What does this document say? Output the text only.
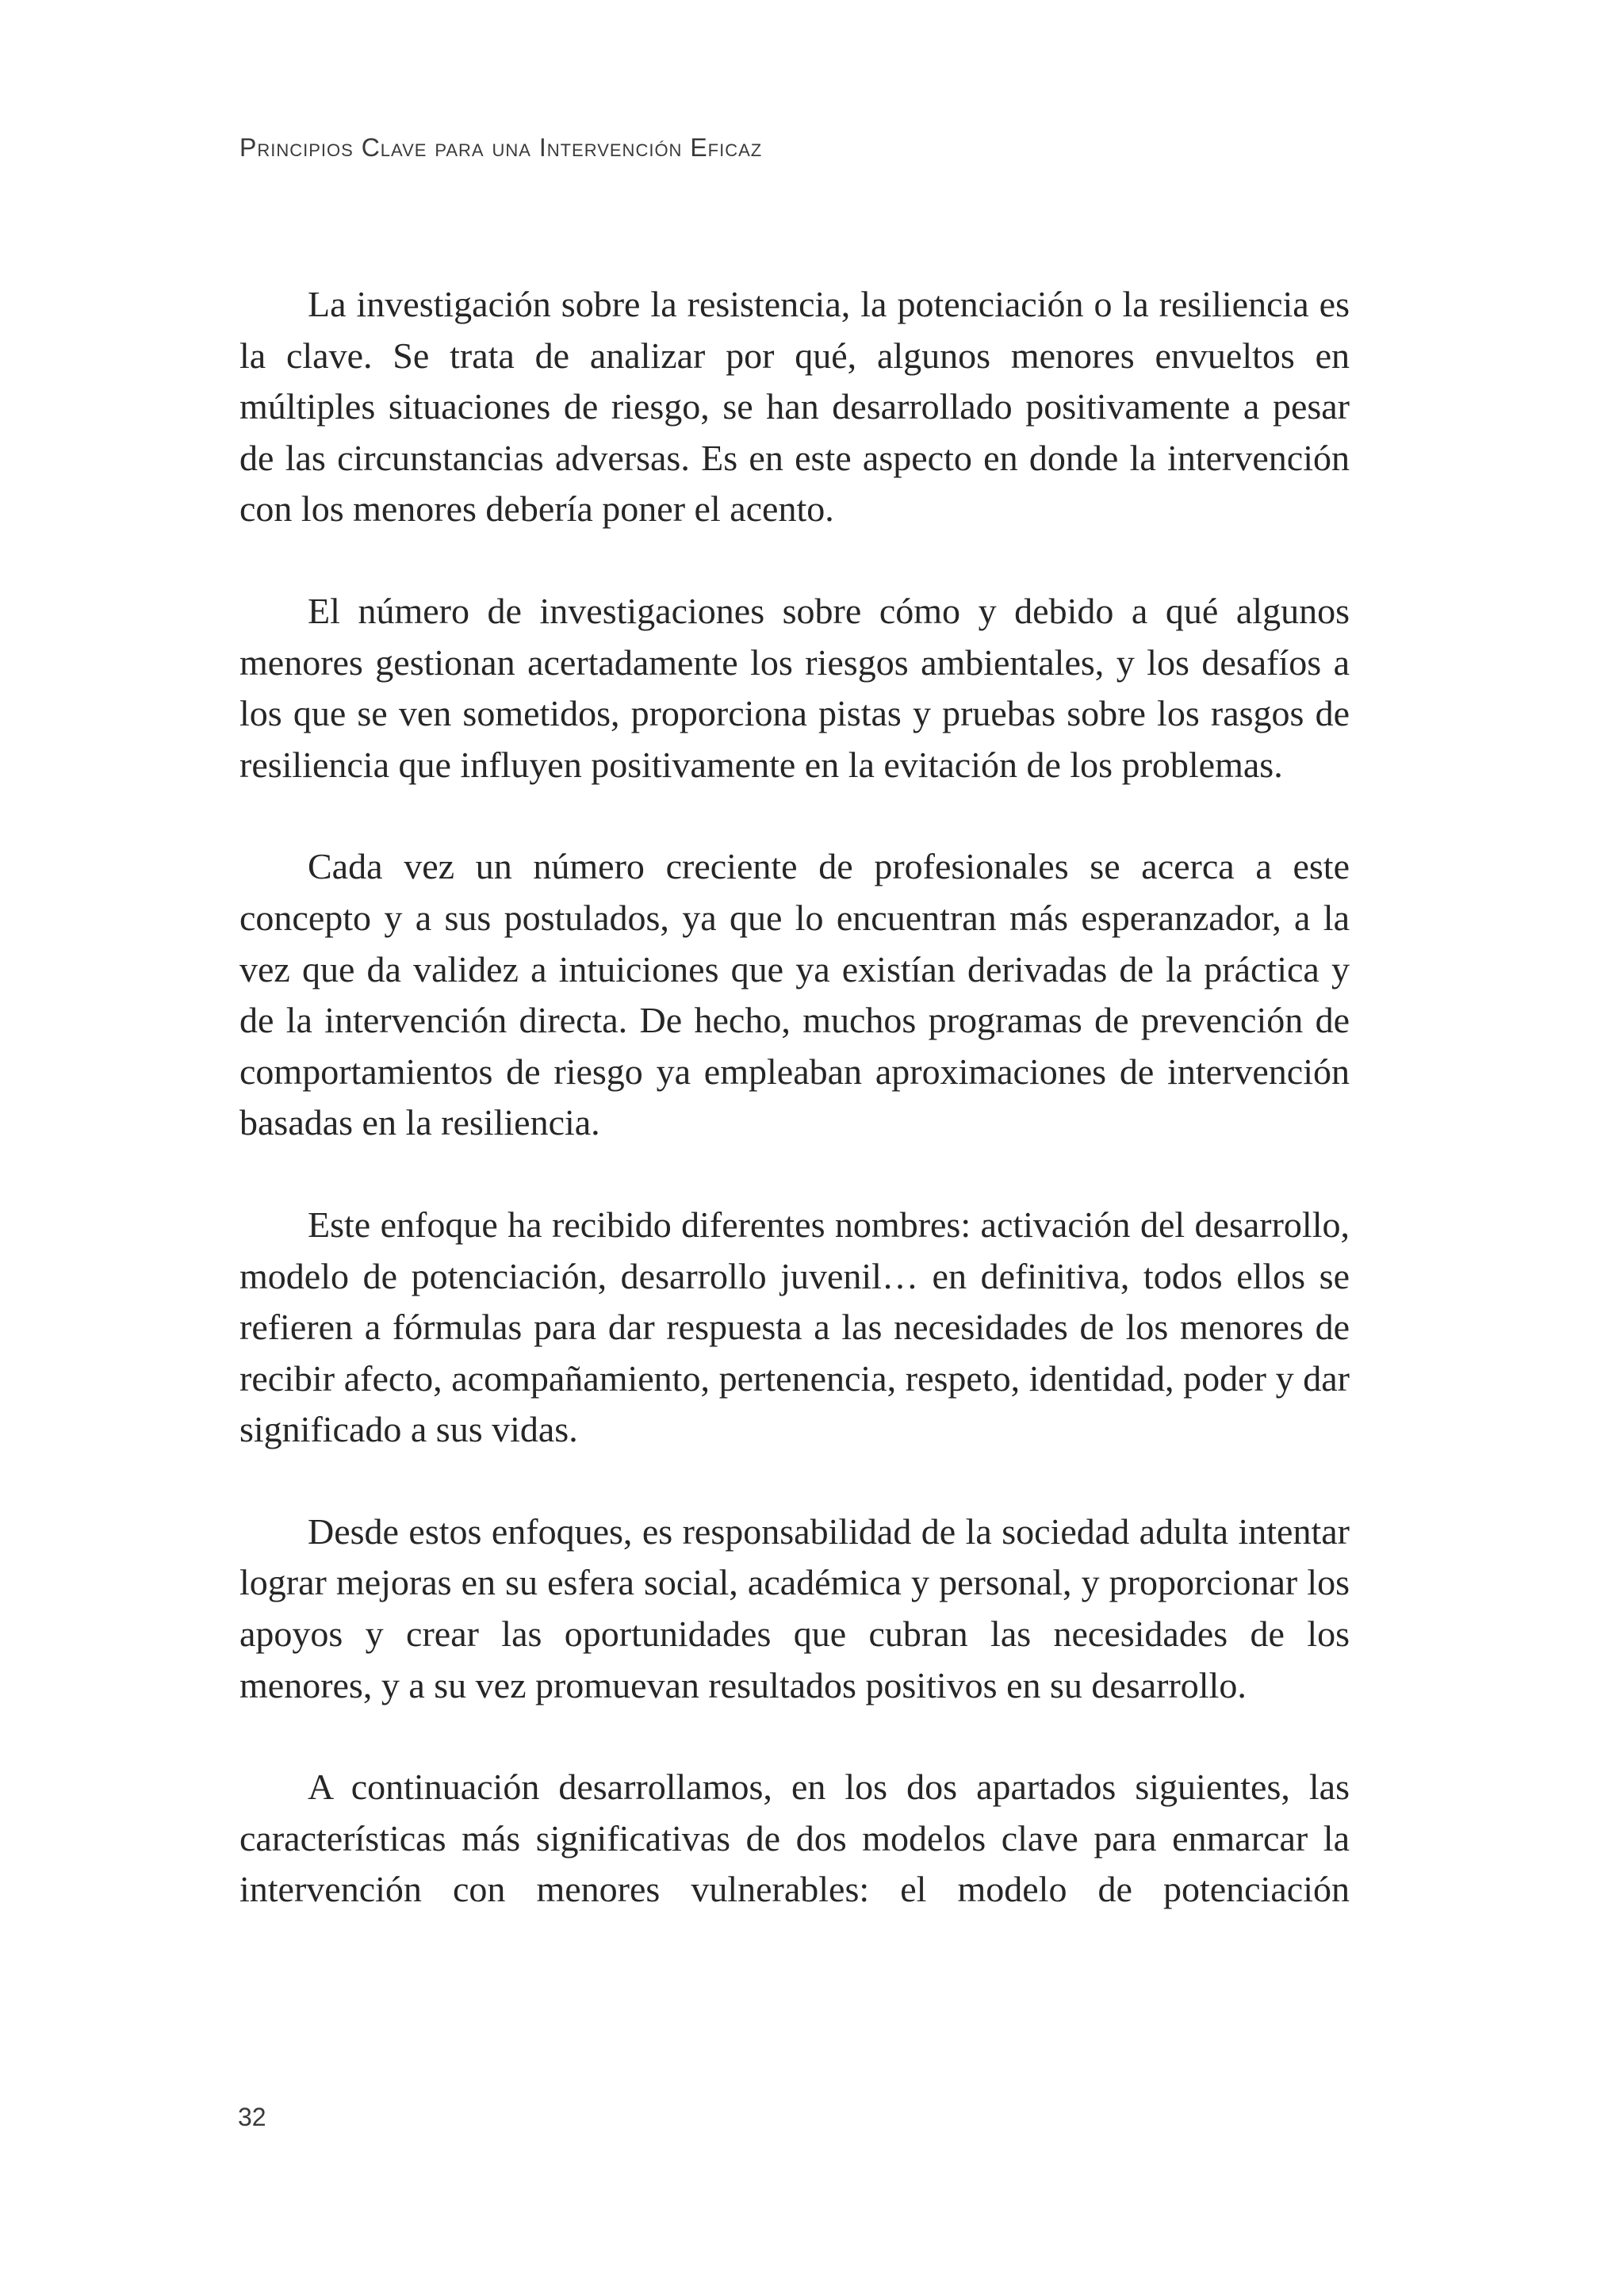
Principios Clave para una Intervención Eficaz

La investigación sobre la resistencia, la potenciación o la resiliencia es la clave. Se trata de analizar por qué, algunos menores envueltos en múltiples situaciones de riesgo, se han desarrollado positivamente a pesar de las circunstancias adversas. Es en este aspecto en donde la intervención con los menores debería poner el acento.

El número de investigaciones sobre cómo y debido a qué algunos menores gestionan acertadamente los riesgos ambientales, y los desafíos a los que se ven sometidos, proporciona pistas y pruebas sobre los rasgos de resiliencia que influyen positivamente en la evitación de los problemas.

Cada vez un número creciente de profesionales se acerca a este concepto y a sus postulados, ya que lo encuentran más esperanzador, a la vez que da validez a intuiciones que ya existían derivadas de la práctica y de la intervención directa. De hecho, muchos programas de prevención de comportamientos de riesgo ya empleaban aproximaciones de intervención basadas en la resiliencia.

Este enfoque ha recibido diferentes nombres: activación del desarrollo, modelo de potenciación, desarrollo juvenil… en definitiva, todos ellos se refieren a fórmulas para dar respuesta a las necesidades de los menores de recibir afecto, acompañamiento, pertenencia, respeto, identidad, poder y dar significado a sus vidas.

Desde estos enfoques, es responsabilidad de la sociedad adulta intentar lograr mejoras en su esfera social, académica y personal, y proporcionar los apoyos y crear las oportunidades que cubran las necesidades de los menores, y a su vez promuevan resultados positivos en su desarrollo.

A continuación desarrollamos, en los dos apartados siguientes, las características más significativas de dos modelos clave para enmarcar la intervención con menores vulnerables: el modelo de potenciación

32
